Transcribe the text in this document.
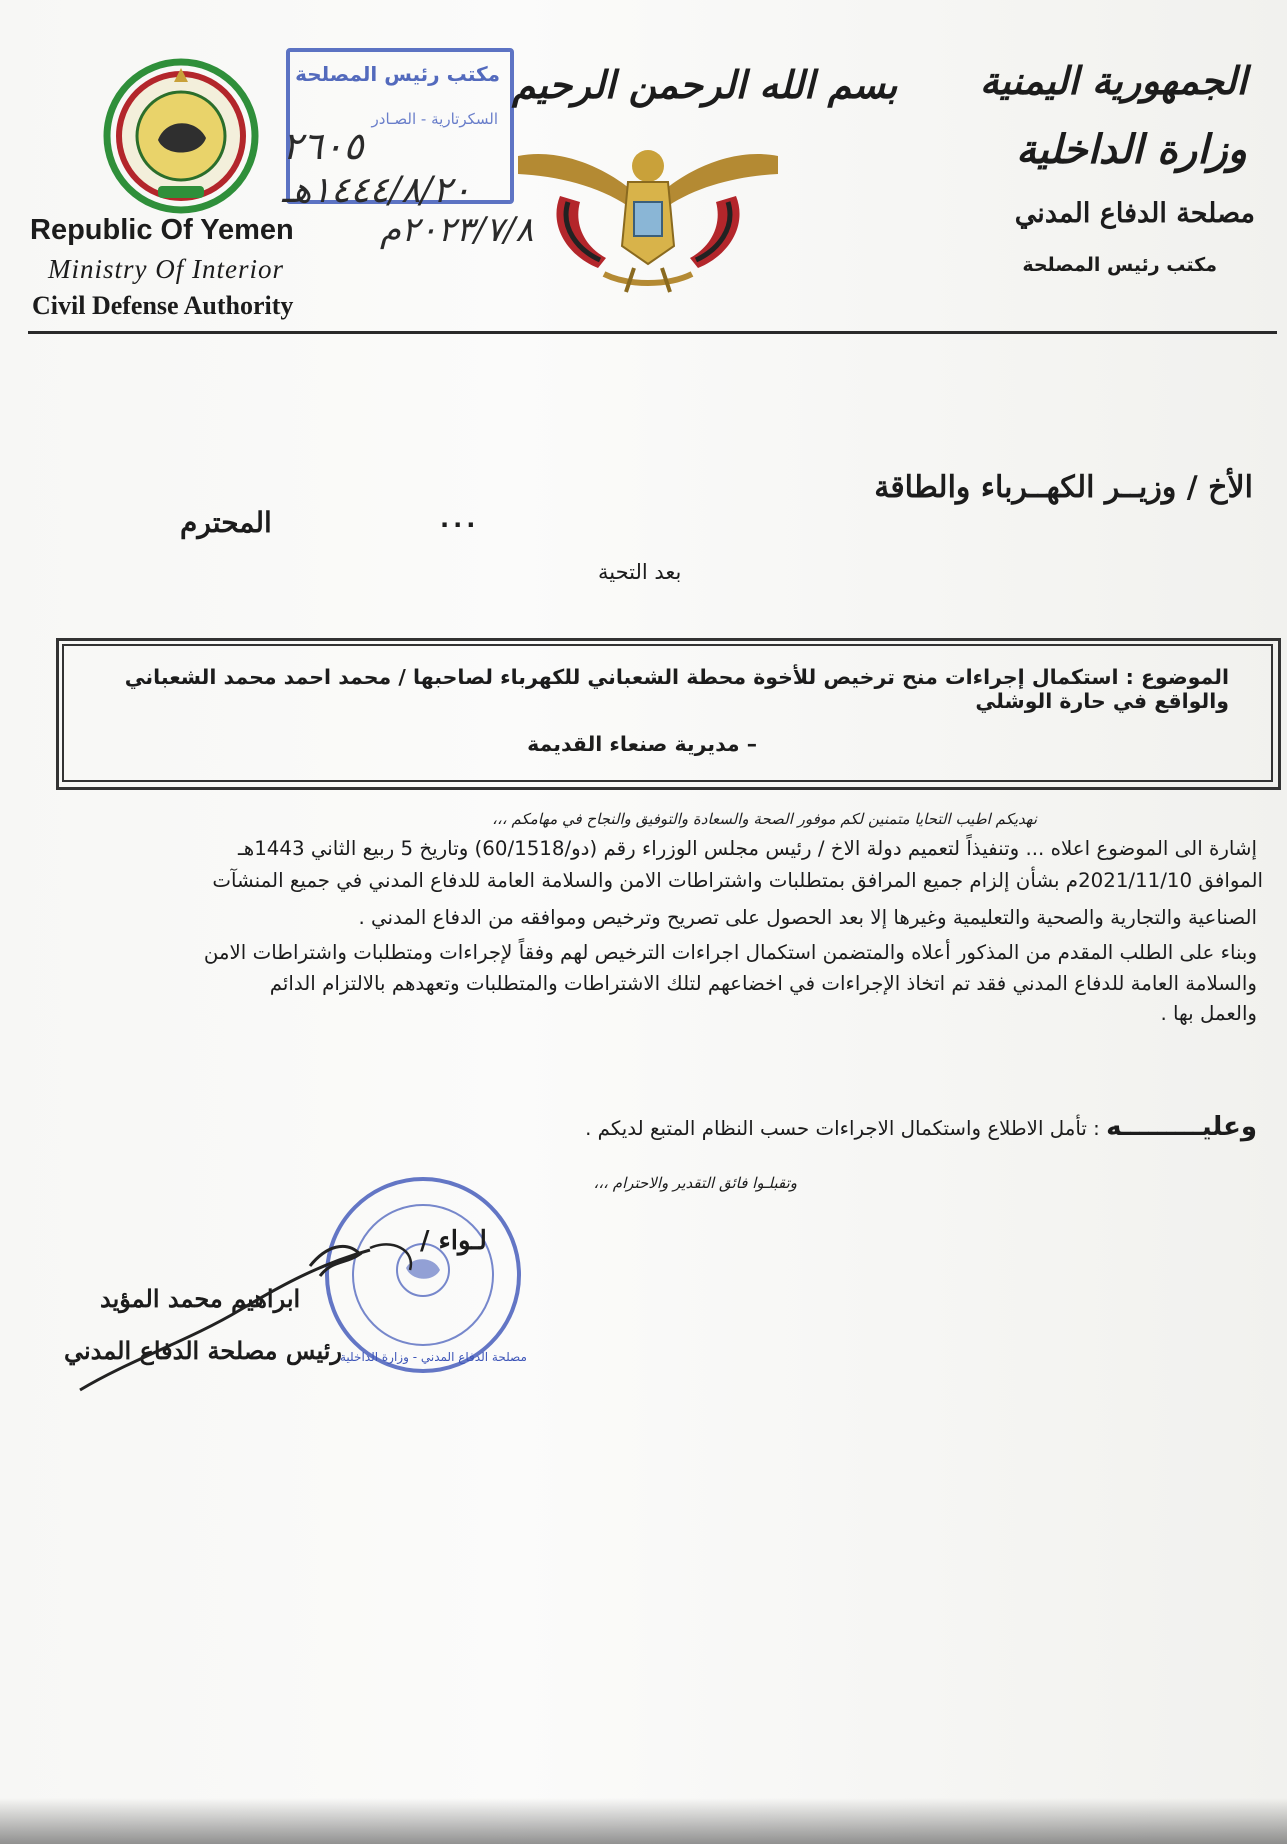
مكتب رئيس المصلحة
السكرتارية - الصـادر
٢٦٠٥
١٤٤٤/٨/٢٠هـ
٢٠٢٣/٧/٨م
بسم الله الرحمن الرحيم الجمهورية اليمنية
وزارة الداخلية
مصلحة الدفاع المدني
مكتب رئيس المصلحة
Republic Of Yemen
Ministry Of Interior
Civil Defense Authority
الأخ / وزيــر الكهــرباء والطاقة
...
المحترم
بعد التحية
الموضوع : استكمال إجراءات منح ترخيص للأخوة محطة الشعباني للكهرباء لصاحبها / محمد احمد محمد الشعباني والواقع في حارة الوشلي
– مديرية صنعاء القديمة
نهديكم اطيب التحايا متمنين لكم موفور الصحة والسعادة والتوفيق والنجاح في مهامكم ،،،
إشارة الى الموضوع اعلاه ... وتنفيذاً لتعميم دولة الاخ / رئيس مجلس الوزراء رقم (دو/60/1518) وتاريخ 5 ربيع الثاني 1443هـ
الموافق 2021/11/10م بشأن إلزام جميع المرافق بمتطلبات واشتراطات الامن والسلامة العامة للدفاع المدني في جميع المنشآت
الصناعية والتجارية والصحية والتعليمية وغيرها إلا بعد الحصول على تصريح وترخيص وموافقه من الدفاع المدني .
وبناء على الطلب المقدم من المذكور أعلاه والمتضمن استكمال اجراءات الترخيص لهم وفقاً لإجراءات ومتطلبات واشتراطات الامن
والسلامة العامة للدفاع المدني فقد تم اتخاذ الإجراءات في اخضاعهم لتلك الاشتراطات والمتطلبات وتعهدهم بالالتزام الدائم
والعمل بها .
وعليـــــــــه : تأمل الاطلاع واستكمال الاجراءات حسب النظام المتبع لديكم .
وتقبلـوا فائق التقدير والاحترام ،،،
مصلحة الدفاع المدني - وزارة الداخلية
لـواء /
ابراهيم محمد المؤيد
رئيس مصلحة الدفاع المدني
